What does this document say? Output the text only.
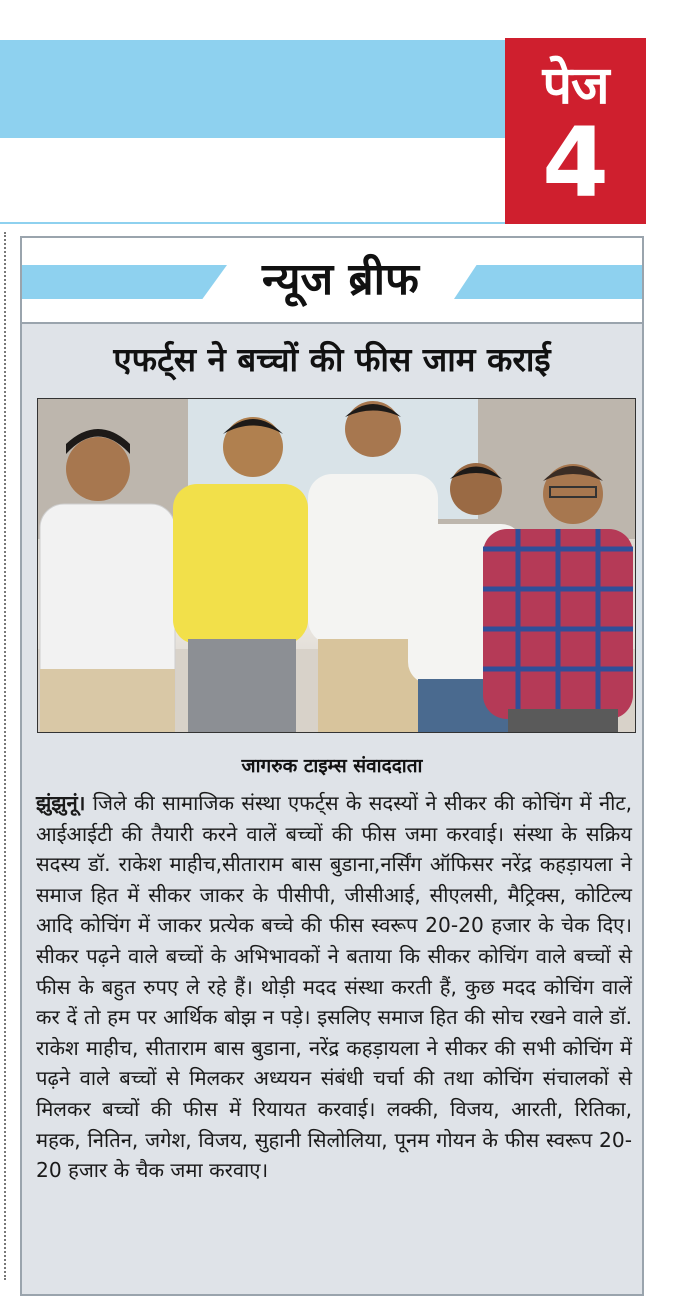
पेज
4
न्यूज ब्रीफ
एफर्ट्स ने बच्चों की फीस जाम कराई
जागरुक टाइम्स संवाददाता

झुंझुनूं। जिले की सामाजिक संस्था एफर्ट्स के सदस्यों ने सीकर की कोचिंग में नीट, आईआईटी की तैयारी करने वालें बच्चों की फीस जमा करवाई। संस्था के सक्रिय सदस्य डॉ. राकेश माहीच,सीताराम बास बुडाना,नर्सिंग ऑफिसर नरेंद्र कहड़ायला ने समाज हित में सीकर जाकर के पीसीपी, जीसीआई, सीएलसी, मैट्रिक्स, कोटिल्य आदि कोचिंग में जाकर प्रत्येक बच्चे की फीस स्वरूप 20-20 हजार के चेक दिए। सीकर पढ़ने वाले बच्चों के अभिभावकों ने बताया कि सीकर कोचिंग वाले बच्चों से फीस के बहुत रुपए ले रहे हैं। थोड़ी मदद संस्था करती हैं, कुछ मदद कोचिंग वालें कर दें तो हम पर आर्थिक बोझ न पड़े। इसलिए समाज हित की सोच रखने वाले डॉ. राकेश माहीच, सीताराम बास बुडाना, नरेंद्र कहड़ायला ने सीकर की सभी कोचिंग में पढ़ने वाले बच्चों से मिलकर अध्ययन संबंधी चर्चा की तथा कोचिंग संचालकों से मिलकर बच्चों की फीस में रियायत करवाई। लक्की, विजय, आरती, रितिका, महक, नितिन, जगेश, विजय, सुहानी सिलोलिया, पूनम गोयन के फीस स्वरूप 20-20 हजार के चैक जमा करवाए।
